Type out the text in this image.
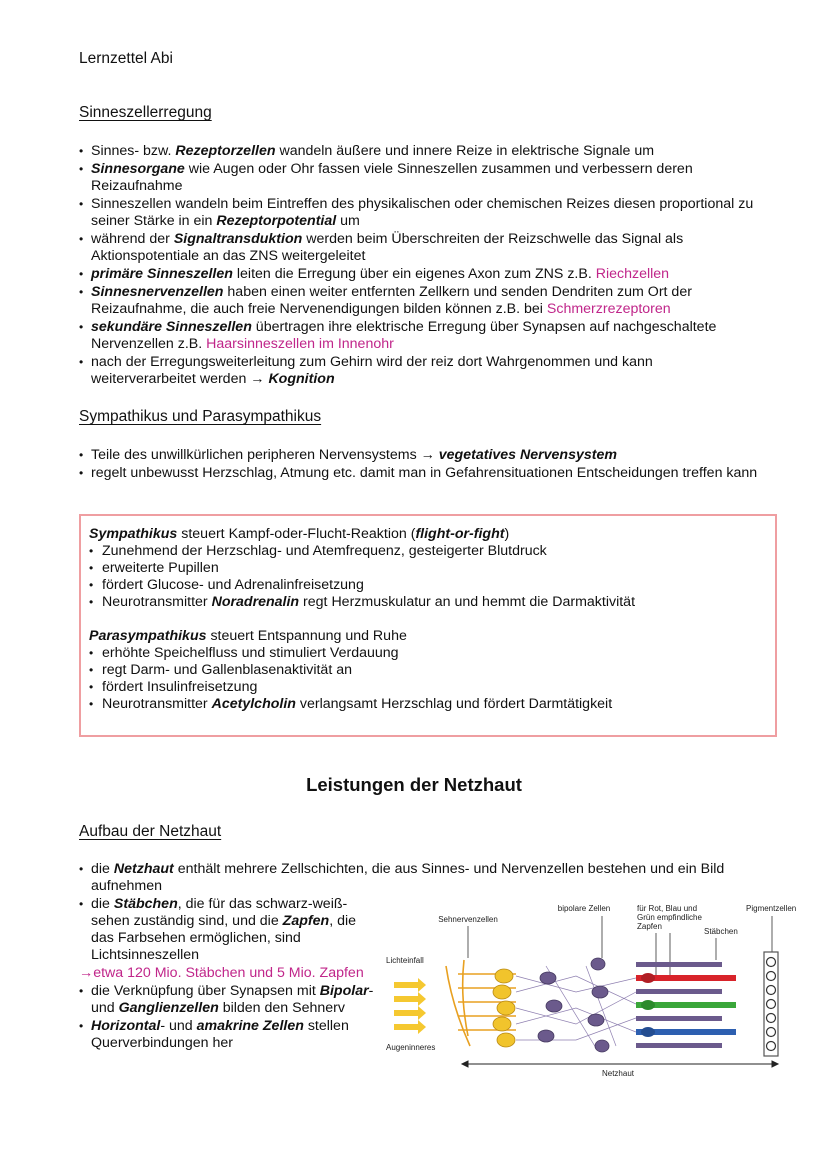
Lernzettel Abi
Sinneszellerregung
• Sinnes- bzw. Rezeptorzellen wandeln äußere und innere Reize in elektrische Signale um
• Sinnesorgane wie Augen oder Ohr fassen viele Sinneszellen zusammen und verbessern deren Reizaufnahme
• Sinneszellen wandeln beim Eintreffen des physikalischen oder chemischen Reizes diesen proportional zu seiner Stärke in ein Rezeptorpotential um
• während der Signaltransduktion werden beim Überschreiten der Reizschwelle das Signal als Aktionspotentiale an das ZNS weitergeleitet
• primäre Sinneszellen leiten die Erregung über ein eigenes Axon zum ZNS z.B. Riechzellen
• Sinnesnervenzellen haben einen weiter entfernten Zellkern und senden Dendriten zum Ort der Reizaufnahme, die auch freie Nervenendigungen bilden können z.B. bei Schmerzrezeptoren
• sekundäre Sinneszellen übertragen ihre elektrische Erregung über Synapsen auf nachgeschaltete Nervenzellen z.B. Haarsinneszellen im Innenohr
• nach der Erregungsweiterleitung zum Gehirn wird der reiz dort Wahrgenommen und kann weiterverarbeitet werden → Kognition
Sympathikus und Parasympathikus
• Teile des unwillkürlichen peripheren Nervensystems → vegetatives Nervensystem
• regelt unbewusst Herzschlag, Atmung etc. damit man in Gefahrensituationen Entscheidungen treffen kann

Sympathikus steuert Kampf-oder-Flucht-Reaktion (flight-or-fight)

• Zunehmend der Herzschlag- und Atemfrequenz, gesteigerter Blutdruck
• erweiterte Pupillen
• fördert Glucose- und Adrenalinfreisetzung
• Neurotransmitter Noradrenalin regt Herzmuskulatur an und hemmt die Darmaktivität

Parasympathikus steuert Entspannung und Ruhe

• erhöhte Speichelfluss und stimuliert Verdauung
• regt Darm- und Gallenblasenaktivität an
• fördert Insulinfreisetzung
• Neurotransmitter Acetylcholin verlangsamt Herzschlag und fördert Darmtätigkeit
Leistungen der Netzhaut
Aufbau der Netzhaut
• die Netzhaut enthält mehrere Zellschichten, die aus Sinnes- und Nervenzellen bestehen und ein Bild aufnehmen
• die Stäbchen, die für das schwarz-weiß-sehen zuständig sind, und die Zapfen, die das Farbsehen ermöglichen, sind Lichtsinneszellen
→etwa 120 Mio. Stäbchen und 5 Mio. Zapfen
• die Verknüpfung über Synapsen mit Bipolar- und Ganglienzellen bilden den Sehnerv
• Horizontal- und amakrine Zellen stellen Querverbindungen her
Sehnervenzellen
bipolare Zellen	für Rot, Blau und
Grün empfindliche
Zapfen
Stäbchen
Pigmentzellen
Lichteinfall
Augeninneres
Netzhaut
